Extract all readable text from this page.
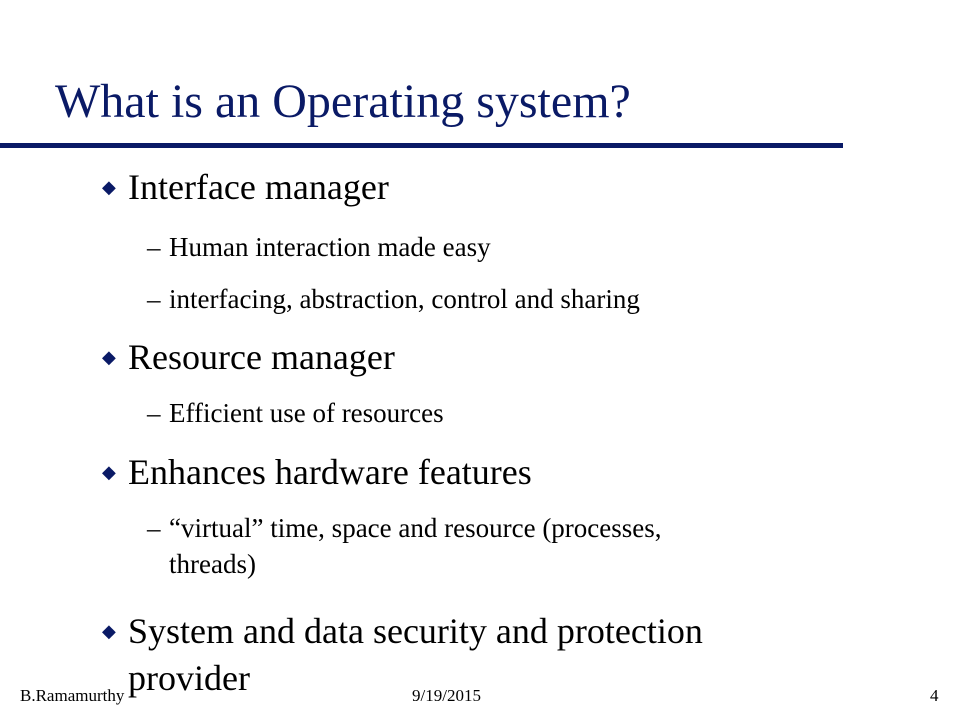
What is an Operating system?
◆ Interface manager
– Human interaction made easy
– interfacing, abstraction, control and sharing
◆ Resource manager
– Efficient use of resources
◆ Enhances hardware features
– “virtual” time, space and resource (processes,
threads)
◆ System and data security and protection
provider
B.Ramamurthy	9/19/2015	4
